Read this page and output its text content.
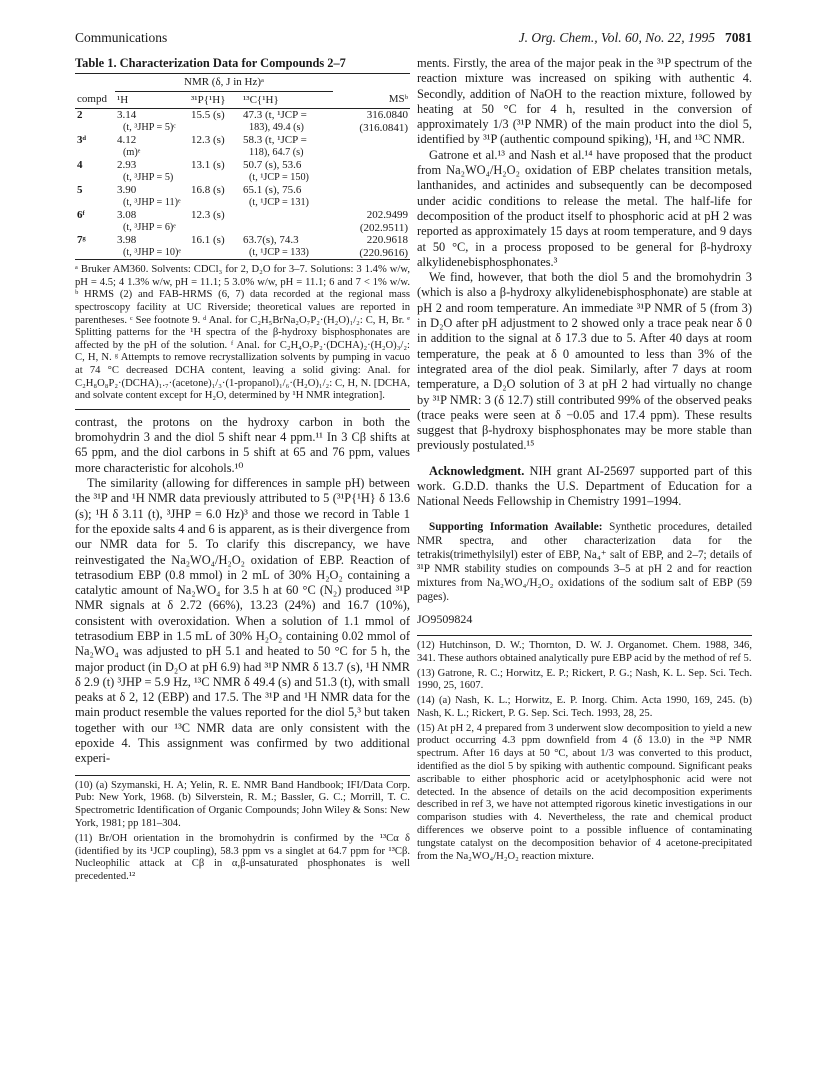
Communications	J. Org. Chem., Vol. 60, No. 22, 1995 7081
Table 1. Characterization Data for Compounds 2–7

	NMR (δ, J in Hz)ᵃ			
compd	¹H	³¹P{¹H}	¹³C{¹H}	MSᵇ

2	3.14	15.5 (s)	47.3 (t, ¹JCP =	316.0840
	(t, ³JHP = 5)ᶜ		183), 49.4 (s)	(316.0841)
3ᵈ	4.12	12.3 (s)	58.3 (t, ¹JCP =	
	(m)ᵉ		118), 64.7 (s)	
4	2.93	13.1 (s)	50.7 (s), 53.6	
	(t, ³JHP = 5)		(t, ¹JCP = 150)	
5	3.90	16.8 (s)	65.1 (s), 75.6	
	(t, ³JHP = 11)ᵉ		(t, ¹JCP = 131)	
6ᶠ	3.08	12.3 (s)		202.9499
	(t, ³JHP = 6)ᵉ			(202.9511)
7ᵍ	3.98	16.1 (s)	63.7(s), 74.3	220.9618
	(t, ³JHP = 10)ᵉ		(t, ¹JCP = 133)	(220.9616)

ᵃ Bruker AM360. Solvents: CDCl₃ for 2, D₂O for 3–7. Solutions: 3 1.4% w/w, pH = 4.5; 4 1.3% w/w, pH = 11.1; 5 3.0% w/w, pH = 11.1; 6 and 7 < 1% w/w. ᵇ HRMS (2) and FAB-HRMS (6, 7) data recorded at the regional mass spectroscopy facility at UC Riverside; theoretical values are reported in parentheses. ᶜ See footnote 9. ᵈ Anal. for C₂H₅BrNa₂O₇P₂·(H₂O)₁/₂: C, H, Br. ᵉ Splitting patterns for the ¹H spectra of the β-hydroxy bisphosphonates are affected by the pH of the solution. ᶠ Anal. for C₂H₄O₇P₂·(DCHA)₂·(H₂O)₃/₂: C, H, N. ᵍ Attempts to remove recrystallization solvents by pumping in vacuo at 74 °C decreased DCHA content, leaving a solid giving: Anal. for C₂H₈O₈P₂·(DCHA)₁.₇·(acetone)₁/₃·(1-propanol)₁/₆·(H₂O)₁/₂: C, H, N. [DCHA, and solvate content except for H₂O, determined by ¹H NMR integration].

contrast, the protons on the hydroxy carbon in both the bromohydrin 3 and the diol 5 shift near 4 ppm.¹¹ In 3 Cβ shifts at 65 ppm, and the diol carbons in 5 shift at 65 and 76 ppm, values more characteristic for alcohols.¹⁰

The similarity (allowing for differences in sample pH) between the ³¹P and ¹H NMR data previously attributed to 5 (³¹P{¹H} δ 13.6 (s); ¹H δ 3.11 (t), ³JHP = 6.0 Hz)³ and those we record in Table 1 for the epoxide salts 4 and 6 is apparent, as is their divergence from our NMR data for 5. To clarify this discrepancy, we have reinvestigated the Na₂WO₄/H₂O₂ oxidation of EBP. Reaction of tetrasodium EBP (0.8 mmol) in 2 mL of 30% H₂O₂ containing a catalytic amount of Na₂WO₄ for 3.5 h at 60 °C (N₂) produced ³¹P NMR signals at δ 2.72 (66%), 13.23 (24%) and 16.7 (10%), consistent with overoxidation. When a solution of 1.1 mmol of tetrasodium EBP in 1.5 mL of 30% H₂O₂ containing 0.02 mmol of Na₂WO₄ was adjusted to pH 5.1 and heated to 50 °C for 5 h, the major product (in D₂O at pH 6.9) had ³¹P NMR δ 13.7 (s), ¹H NMR δ 2.9 (t) ³JHP = 5.9 Hz, ¹³C NMR δ 49.4 (s) and 51.3 (t), with small peaks at δ 2, 12 (EBP) and 17.5. The ³¹P and ¹H NMR data for the main product resemble the values reported for the diol 5,³ but taken together with our ¹³C NMR data are only consistent with the epoxide 4. This assignment was confirmed by two additional experi-

(10) (a) Szymanski, H. A; Yelin, R. E. NMR Band Handbook; IFI/Data Corp. Pub: New York, 1968. (b) Silverstein, R. M.; Bassler, G. C.; Morrill, T. C. Spectrometric Identification of Organic Compounds; John Wiley & Sons: New York, 1981; pp 181–304.

(11) Br/OH orientation in the bromohydrin is confirmed by the ¹³Cα δ (identified by its ¹JCP coupling), 58.3 ppm vs a singlet at 64.7 ppm for ¹³Cβ. Nucleophilic attack at Cβ in α,β-unsaturated phosphonates is well precedented.¹²

ments. Firstly, the area of the major peak in the ³¹P spectrum of the reaction mixture was increased on spiking with authentic 4. Secondly, addition of NaOH to the reaction mixture, followed by heating at 50 °C for 4 h, resulted in the conversion of approximately 1/3 (³¹P NMR) of the main product into the diol 5, identified by ³¹P (authentic compound spiking), ¹H, and ¹³C NMR.

Gatrone et al.¹³ and Nash et al.¹⁴ have proposed that the product from Na₂WO₄/H₂O₂ oxidation of EBP chelates transition metals, lanthanides, and actinides and subsequently can be decomposed under acidic conditions to release the metal. The half-life for decomposition of the product itself to phosphoric acid at pH 2 was reported as approximately 15 days at room temperature, and 9 days at 50 °C, in a process proposed to be general for β-hydroxy alkylidenebisphosphonates.³

We find, however, that both the diol 5 and the bromohydrin 3 (which is also a β-hydroxy alkylidenebisphosphonate) are stable at pH 2 and room temperature. An immediate ³¹P NMR of 5 (from 3) in D₂O after pH adjustment to 2 showed only a trace peak near δ 0 in addition to the signal at δ 17.3 due to 5. After 40 days at room temperature, the peak at δ 0 amounted to less than 3% of the integrated area of the diol peak. Similarly, after 7 days at room temperature, a D₂O solution of 3 at pH 2 had virtually no change by ³¹P NMR: 3 (δ 12.7) still contributed 99% of the observed peaks (trace peaks were seen at δ −0.05 and 17.4 ppm). These results suggest that β-hydroxy bisphosphonates may be more stable than previously postulated.¹⁵

Acknowledgment. NIH grant AI-25697 supported part of this work. G.D.D. thanks the U.S. Department of Education for a National Needs Fellowship in Chemistry 1991–1994.

Supporting Information Available: Synthetic procedures, detailed NMR spectra, and other characterization data for the tetrakis(trimethylsilyl) ester of EBP, Na₄⁺ salt of EBP, and 2–7; details of ³¹P NMR stability studies on compounds 3–5 at pH 2 and for reaction mixtures from Na₂WO₄/H₂O₂ oxidations of the sodium salt of EBP (59 pages).

JO9509824

(12) Hutchinson, D. W.; Thornton, D. W. J. Organomet. Chem. 1988, 346, 341. These authors obtained analytically pure EBP acid by the method of ref 5.

(13) Gatrone, R. C.; Horwitz, E. P.; Rickert, P. G.; Nash, K. L. Sep. Sci. Tech. 1990, 25, 1607.

(14) (a) Nash, K. L.; Horwitz, E. P. Inorg. Chim. Acta 1990, 169, 245. (b) Nash, K. L.; Rickert, P. G. Sep. Sci. Tech. 1993, 28, 25.

(15) At pH 2, 4 prepared from 3 underwent slow decomposition to yield a new product occurring 4.3 ppm downfield from 4 (δ 13.0) in the ³¹P NMR spectrum. After 16 days at 50 °C, about 1/3 was converted to this product, identified as the diol 5 by spiking with authentic compound. Significant peaks ascribable to either phosphoric acid or acetylphosphonic acid were not detected. In the absence of details on the acid decomposition experiments described in ref 3, we have not attempted rigorous kinetic investigations in our comparison studies with 4. Nevertheless, the rate and chemical product differences we observe point to a possible influence of contaminating tungstate catalyst on the decomposition behavior of 4 acetone-precipitated from the Na₂WO₄/H₂O₂ reaction mixture.
